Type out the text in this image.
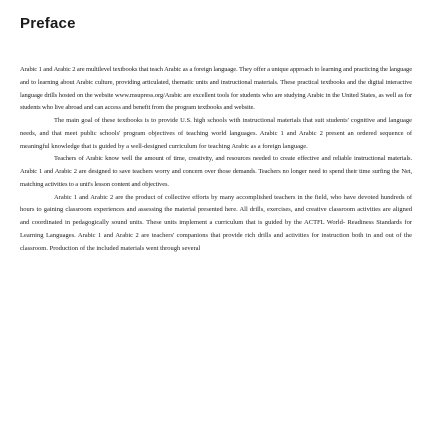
Preface

Arabic 1 and Arabic 2 are multilevel textbooks that teach Arabic as a foreign language. They offer a unique approach to learning and practicing the language and to learning about Arabic culture, providing articulated, thematic units and instructional materials. These practical textbooks and the digital interactive language drills hosted on the website www.msupress.org/Arabic are excellent tools for students who are studying Arabic in the United States, as well as for students who live abroad and can access and benefit from the program textbooks and website.

The main goal of these textbooks is to provide U.S. high schools with instructional materials that suit students' cognitive and language needs, and that meet public schools' program objectives of teaching world languages. Arabic 1 and Arabic 2 present an ordered sequence of meaningful knowledge that is guided by a well-designed curriculum for teaching Arabic as a foreign language.

Teachers of Arabic know well the amount of time, creativity, and resources needed to create effective and reliable instructional materials. Arabic 1 and Arabic 2 are designed to save teachers worry and concern over those demands. Teachers no longer need to spend their time surfing the Net, matching activities to a unit's lesson content and objectives.

Arabic 1 and Arabic 2 are the product of collective efforts by many accomplished teachers in the field, who have devoted hundreds of hours to gaining classroom experiences and assessing the material presented here. All drills, exercises, and creative classroom activities are aligned and coordinated in pedagogically sound units. These units implement a curriculum that is guided by the ACTFL World- Readiness Standards for Learning Languages. Arabic 1 and Arabic 2 are teachers' companions that provide rich drills and activities for instruction both in and out of the classroom. Production of the included materials went through several
